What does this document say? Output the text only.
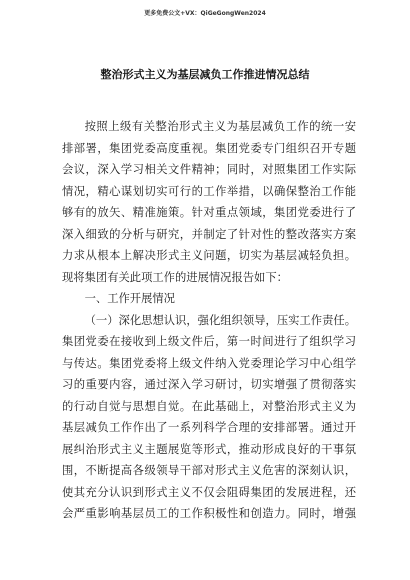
更多免费公文+VX：QiGeGongWen2024
整治形式主义为基层减负工作推进情况总结
按照上级有关整治形式主义为基层减负工作的统一安
排部署，集团党委高度重视。集团党委专门组织召开专题
会议，深入学习相关文件精神；同时，对照集团工作实际
情况，精心谋划切实可行的工作举措，以确保整治工作能
够有的放矢、精准施策。针对重点领域，集团党委进行了
深入细致的分析与研究，并制定了针对性的整改落实方案
力求从根本上解决形式主义问题，切实为基层减轻负担。
现将集团有关此项工作的进展情况报告如下：
一、工作开展情况
（一）深化思想认识，强化组织领导，压实工作责任。
集团党委在接收到上级文件后，第一时间进行了组织学习
与传达。集团党委将上级文件纳入党委理论学习中心组学
习的重要内容，通过深入学习研讨，切实增强了贯彻落实
的行动自觉与思想自觉。在此基础上，对整治形式主义为
基层减负工作作出了一系列科学合理的安排部署。通过开
展纠治形式主义主题展览等形式，推动形成良好的干事氛
围，不断提高各级领导干部对形式主义危害的深刻认识，
使其充分认识到形式主义不仅会阻碍集团的发展进程，还
会严重影响基层员工的工作积极性和创造力。同时，增强
